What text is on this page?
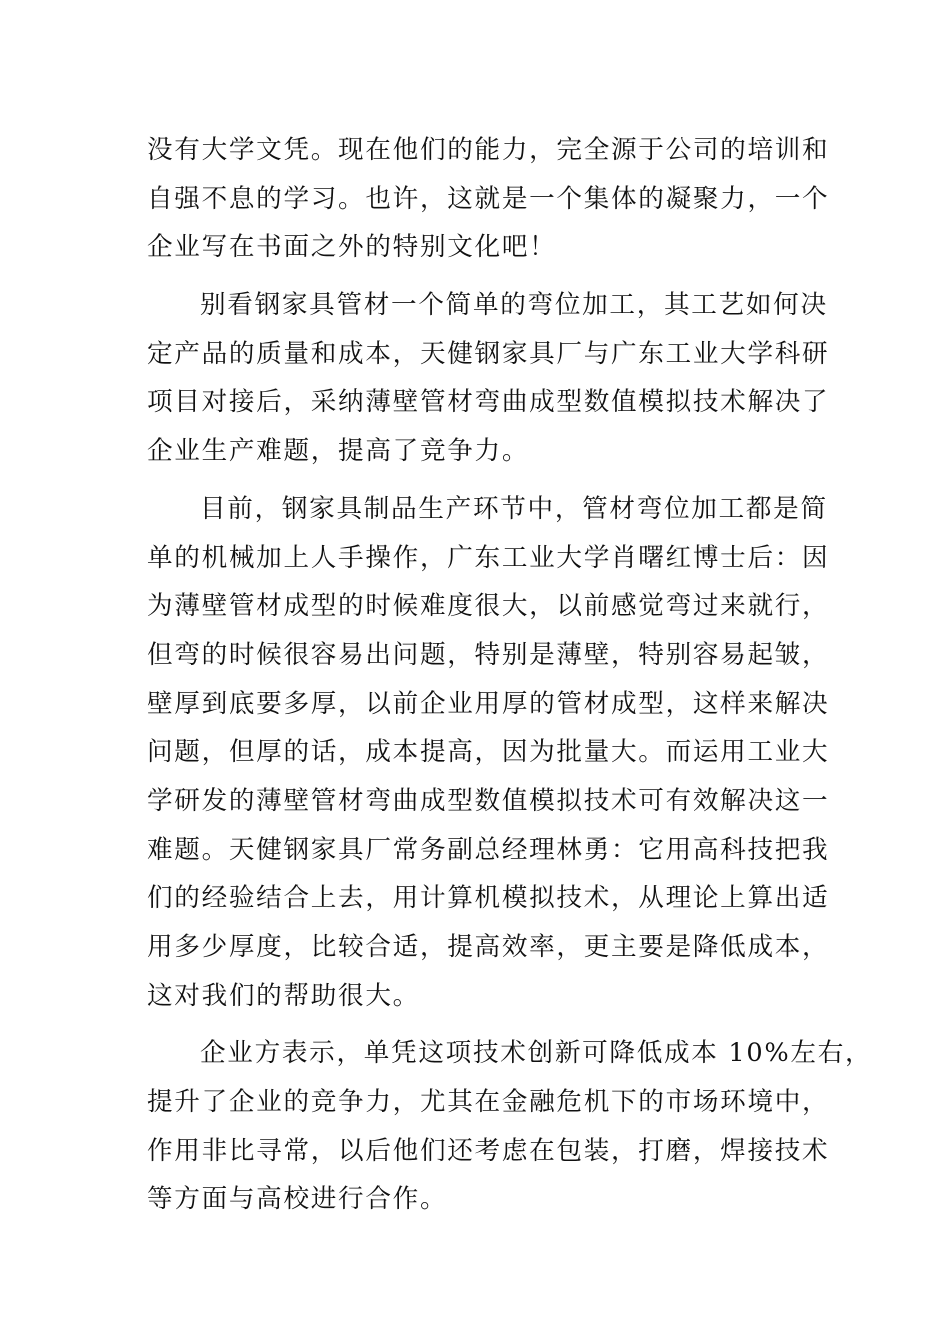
没有大学文凭。现在他们的能力，完全源于公司的培训和
自强不息的学习。也许，这就是一个集体的凝聚力，一个
企业写在书面之外的特别文化吧！

别看钢家具管材一个简单的弯位加工，其工艺如何决
定产品的质量和成本，天健钢家具厂与广东工业大学科研
项目对接后，采纳薄壁管材弯曲成型数值模拟技术解决了
企业生产难题，提高了竞争力。

目前，钢家具制品生产环节中，管材弯位加工都是简
单的机械加上人手操作，广东工业大学肖曙红博士后：因
为薄壁管材成型的时候难度很大，以前感觉弯过来就行，
但弯的时候很容易出问题，特别是薄壁，特别容易起皱，
壁厚到底要多厚，以前企业用厚的管材成型，这样来解决
问题，但厚的话，成本提高，因为批量大。而运用工业大
学研发的薄壁管材弯曲成型数值模拟技术可有效解决这一
难题。天健钢家具厂常务副总经理林勇：它用高科技把我
们的经验结合上去，用计算机模拟技术，从理论上算出适
用多少厚度，比较合适，提高效率，更主要是降低成本，
这对我们的帮助很大。

企业方表示，单凭这项技术创新可降低成本 10%左右，
提升了企业的竞争力，尤其在金融危机下的市场环境中，
作用非比寻常，以后他们还考虑在包装，打磨，焊接技术
等方面与高校进行合作。
